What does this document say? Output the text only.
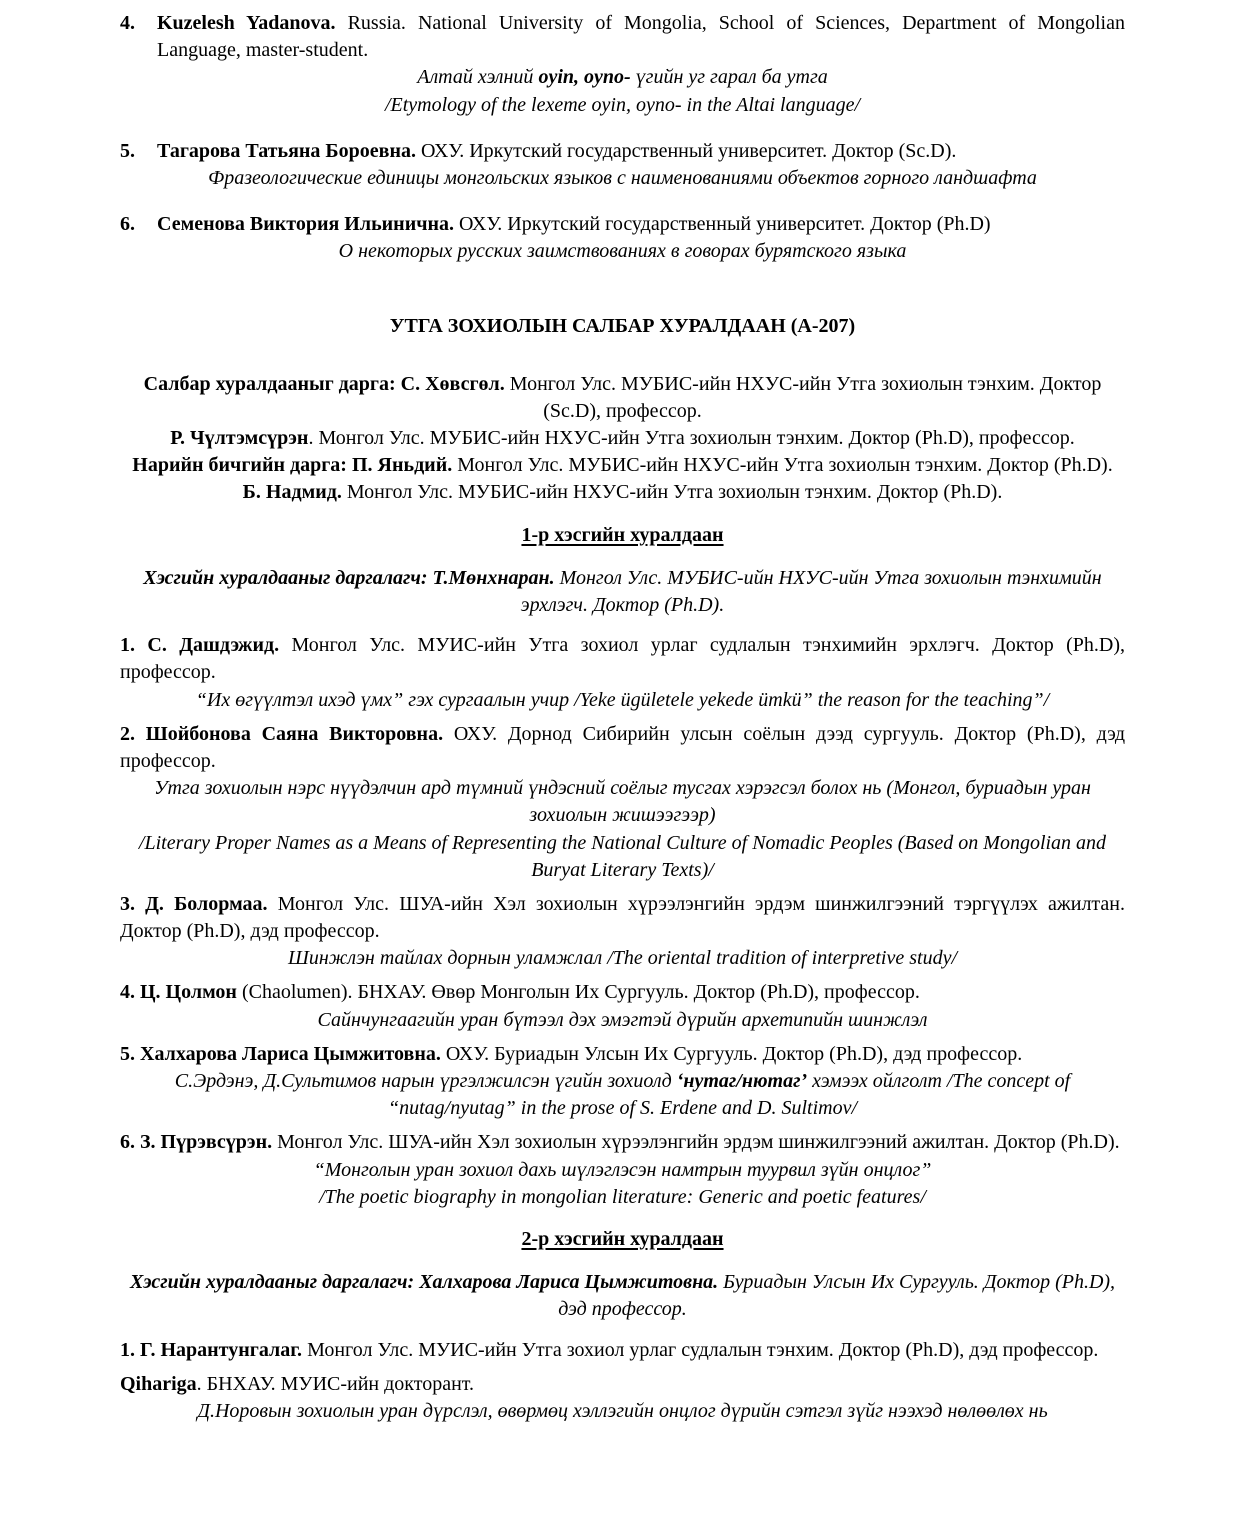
4. Kuzelesh Yadanova. Russia. National University of Mongolia, School of Sciences, Department of Mongolian Language, master-student.

Алтай хэлний oyin, oyno- үгийн уг гарал ба утга

/Etymology of the lexeme oyin, oyno- in the Altai language/

5. Тагарова Татьяна Бороевна. ОХУ. Иркутский государственный университет. Доктор (Sc.D).

Фразеологические единицы монгольских языков с наименованиями объектов горного ландшафта

6. Семенова Виктория Ильинична. ОХУ. Иркутский государственный университет. Доктор (Ph.D)

О некоторых русских заимствованиях в говорах бурятского языка

УТГА ЗОХИОЛЫН САЛБАР ХУРАЛДААН (А-207)

Салбар хуралдааныг дарга: С. Хөвсгөл. Монгол Улс. МУБИС-ийн НХУС-ийн Утга зохиолын тэнхим. Доктор (Sc.D), профессор.

Р. Чүлтэмсүрэн. Монгол Улс. МУБИС-ийн НХУС-ийн Утга зохиолын тэнхим. Доктор (Ph.D), профессор.

Нарийн бичгийн дарга: П. Яньдий. Монгол Улс. МУБИС-ийн НХУС-ийн Утга зохиолын тэнхим. Доктор (Ph.D).

Б. Надмид. Монгол Улс. МУБИС-ийн НХУС-ийн Утга зохиолын тэнхим. Доктор (Ph.D).

1-р хэсгийн хуралдаан

Хэсгийн хуралдааныг даргалагч: Т.Мөнхнаран. Монгол Улс. МУБИС-ийн НХУС-ийн Утга зохиолын тэнхимийн эрхлэгч. Доктор (Ph.D).

1. С. Дашдэжид. Монгол Улс. МУИС-ийн Утга зохиол урлаг судлалын тэнхимийн эрхлэгч. Доктор (Ph.D), профессор.

“Их өгүүлтэл ихэд үмх” гэх сургаалын учир /Yeke ügületele yekede ümkü” the reason for the teaching”/

2. Шойбонова Саяна Викторовна. ОХУ. Дорнод Сибирийн улсын соёлын дээд сургууль. Доктор (Ph.D), дэд профессор.

Утга зохиолын нэрс нүүдэлчин ард түмний үндэсний соёлыг тусгах хэрэгсэл болох нь (Монгол, буриадын уран зохиолын жишээгээр)

/Literary Proper Names as a Means of Representing the National Culture of Nomadic Peoples (Based on Mongolian and Buryat Literary Texts)/

3. Д. Болормаа. Монгол Улс. ШУА-ийн Хэл зохиолын хүрээлэнгийн эрдэм шинжилгээний тэргүүлэх ажилтан. Доктор (Ph.D), дэд профессор.

Шинжлэн тайлах дорнын уламжлал /The oriental tradition of interpretive study/

4. Ц. Цолмон (Chaolumen). БНХАУ. Өвөр Монголын Их Сургууль. Доктор (Ph.D), профессор.

Сайнчунгаагийн уран бүтээл дэх эмэгтэй дүрийн архетипийн шинжлэл

5. Халхарова Лариса Цымжитовна. ОХУ. Буриадын Улсын Их Сургууль. Доктор (Ph.D), дэд профессор.

С.Эрдэнэ, Д.Сультимов нарын үргэлжилсэн үгийн зохиолд ‘нутаг/нютаг’ хэмээх ойлголт /The concept of “nutag/nyutag” in the prose of S. Erdene and D. Sultimov/

6. З. Пүрэвсүрэн. Монгол Улс. ШУА-ийн Хэл зохиолын хүрээлэнгийн эрдэм шинжилгээний ажилтан. Доктор (Ph.D).

“Монголын уран зохиол дахь шүлэглэсэн намтрын туурвил зүйн онцлог”

/The poetic biography in mongolian literature: Generic and poetic features/

2-р хэсгийн хуралдаан

Хэсгийн хуралдааныг даргалагч: Халхарова Лариса Цымжитовна. Буриадын Улсын Их Сургууль. Доктор (Ph.D), дэд профессор.

1. Г. Нарантунгалаг. Монгол Улс. МУИС-ийн Утга зохиол урлаг судлалын тэнхим. Доктор (Ph.D), дэд профессор.

Qihariga. БНХАУ. МУИС-ийн докторант.

Д.Норовын зохиолын уран дүрслэл, өвөрмөц хэллэгийн онцлог дүрийн сэтгэл зүйг нээхэд нөлөөлөх нь
